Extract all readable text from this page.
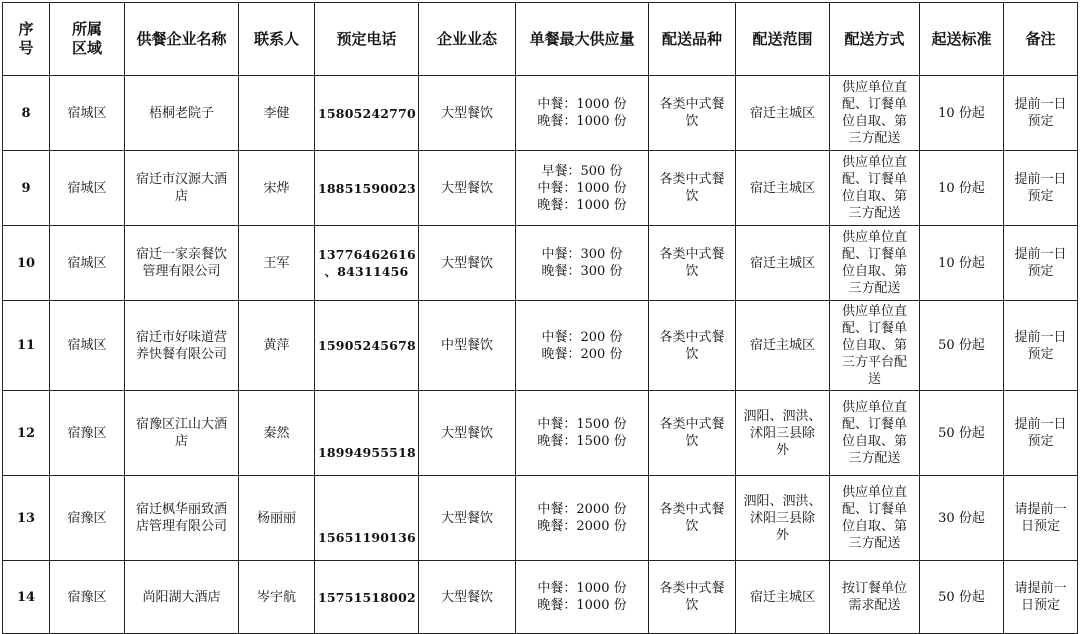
序
号	所属
区域	供餐企业名称	联系人	预定电话	企业业态	单餐最大供应量	配送品种	配送范围	配送方式	起送标准	备注

8	宿城区	梧桐老院子	李健	15805242770	大型餐饮	中餐：1000 份
晚餐：1000 份	各类中式餐
饮	宿迁主城区	供应单位直
配、订餐单
位自取、第
三方配送	10 份起	提前一日
预定

9	宿城区	宿迁市汉源大酒
店	宋烨	18851590023	大型餐饮	早餐：500 份
中餐：1000 份
晚餐：1000 份	各类中式餐
饮	宿迁主城区	供应单位直
配、订餐单
位自取、第
三方配送	10 份起	提前一日
预定

10	宿城区	宿迁一家亲餐饮
管理有限公司	王军	13776462616
、84311456	大型餐饮	中餐：300 份
晚餐：300 份	各类中式餐
饮	宿迁主城区	供应单位直
配、订餐单
位自取、第
三方配送	10 份起	提前一日
预定

11	宿城区	宿迁市好味道营
养快餐有限公司	黄萍	15905245678	中型餐饮	中餐：200 份
晚餐：200 份	各类中式餐
饮	宿迁主城区	供应单位直
配、订餐单
位自取、第
三方平台配
送	50 份起	提前一日
预定

12	宿豫区	宿豫区江山大酒
店	秦然	18994955518	大型餐饮	中餐：1500 份
晚餐：1500 份	各类中式餐
饮	泗阳、泗洪、
沭阳三县除
外	供应单位直
配、订餐单
位自取、第
三方配送	50 份起	提前一日
预定

13	宿豫区	宿迁枫华丽致酒
店管理有限公司	杨丽丽	15651190136	大型餐饮	中餐：2000 份
晚餐：2000 份	各类中式餐
饮	泗阳、泗洪、
沭阳三县除
外	供应单位直
配、订餐单
位自取、第
三方配送	30 份起	请提前一
日预定

14	宿豫区	尚阳湖大酒店	岑宇航	15751518002	大型餐饮	中餐：1000 份
晚餐：1000 份	各类中式餐
饮	宿迁主城区	按订餐单位
需求配送	50 份起	请提前一
日预定
